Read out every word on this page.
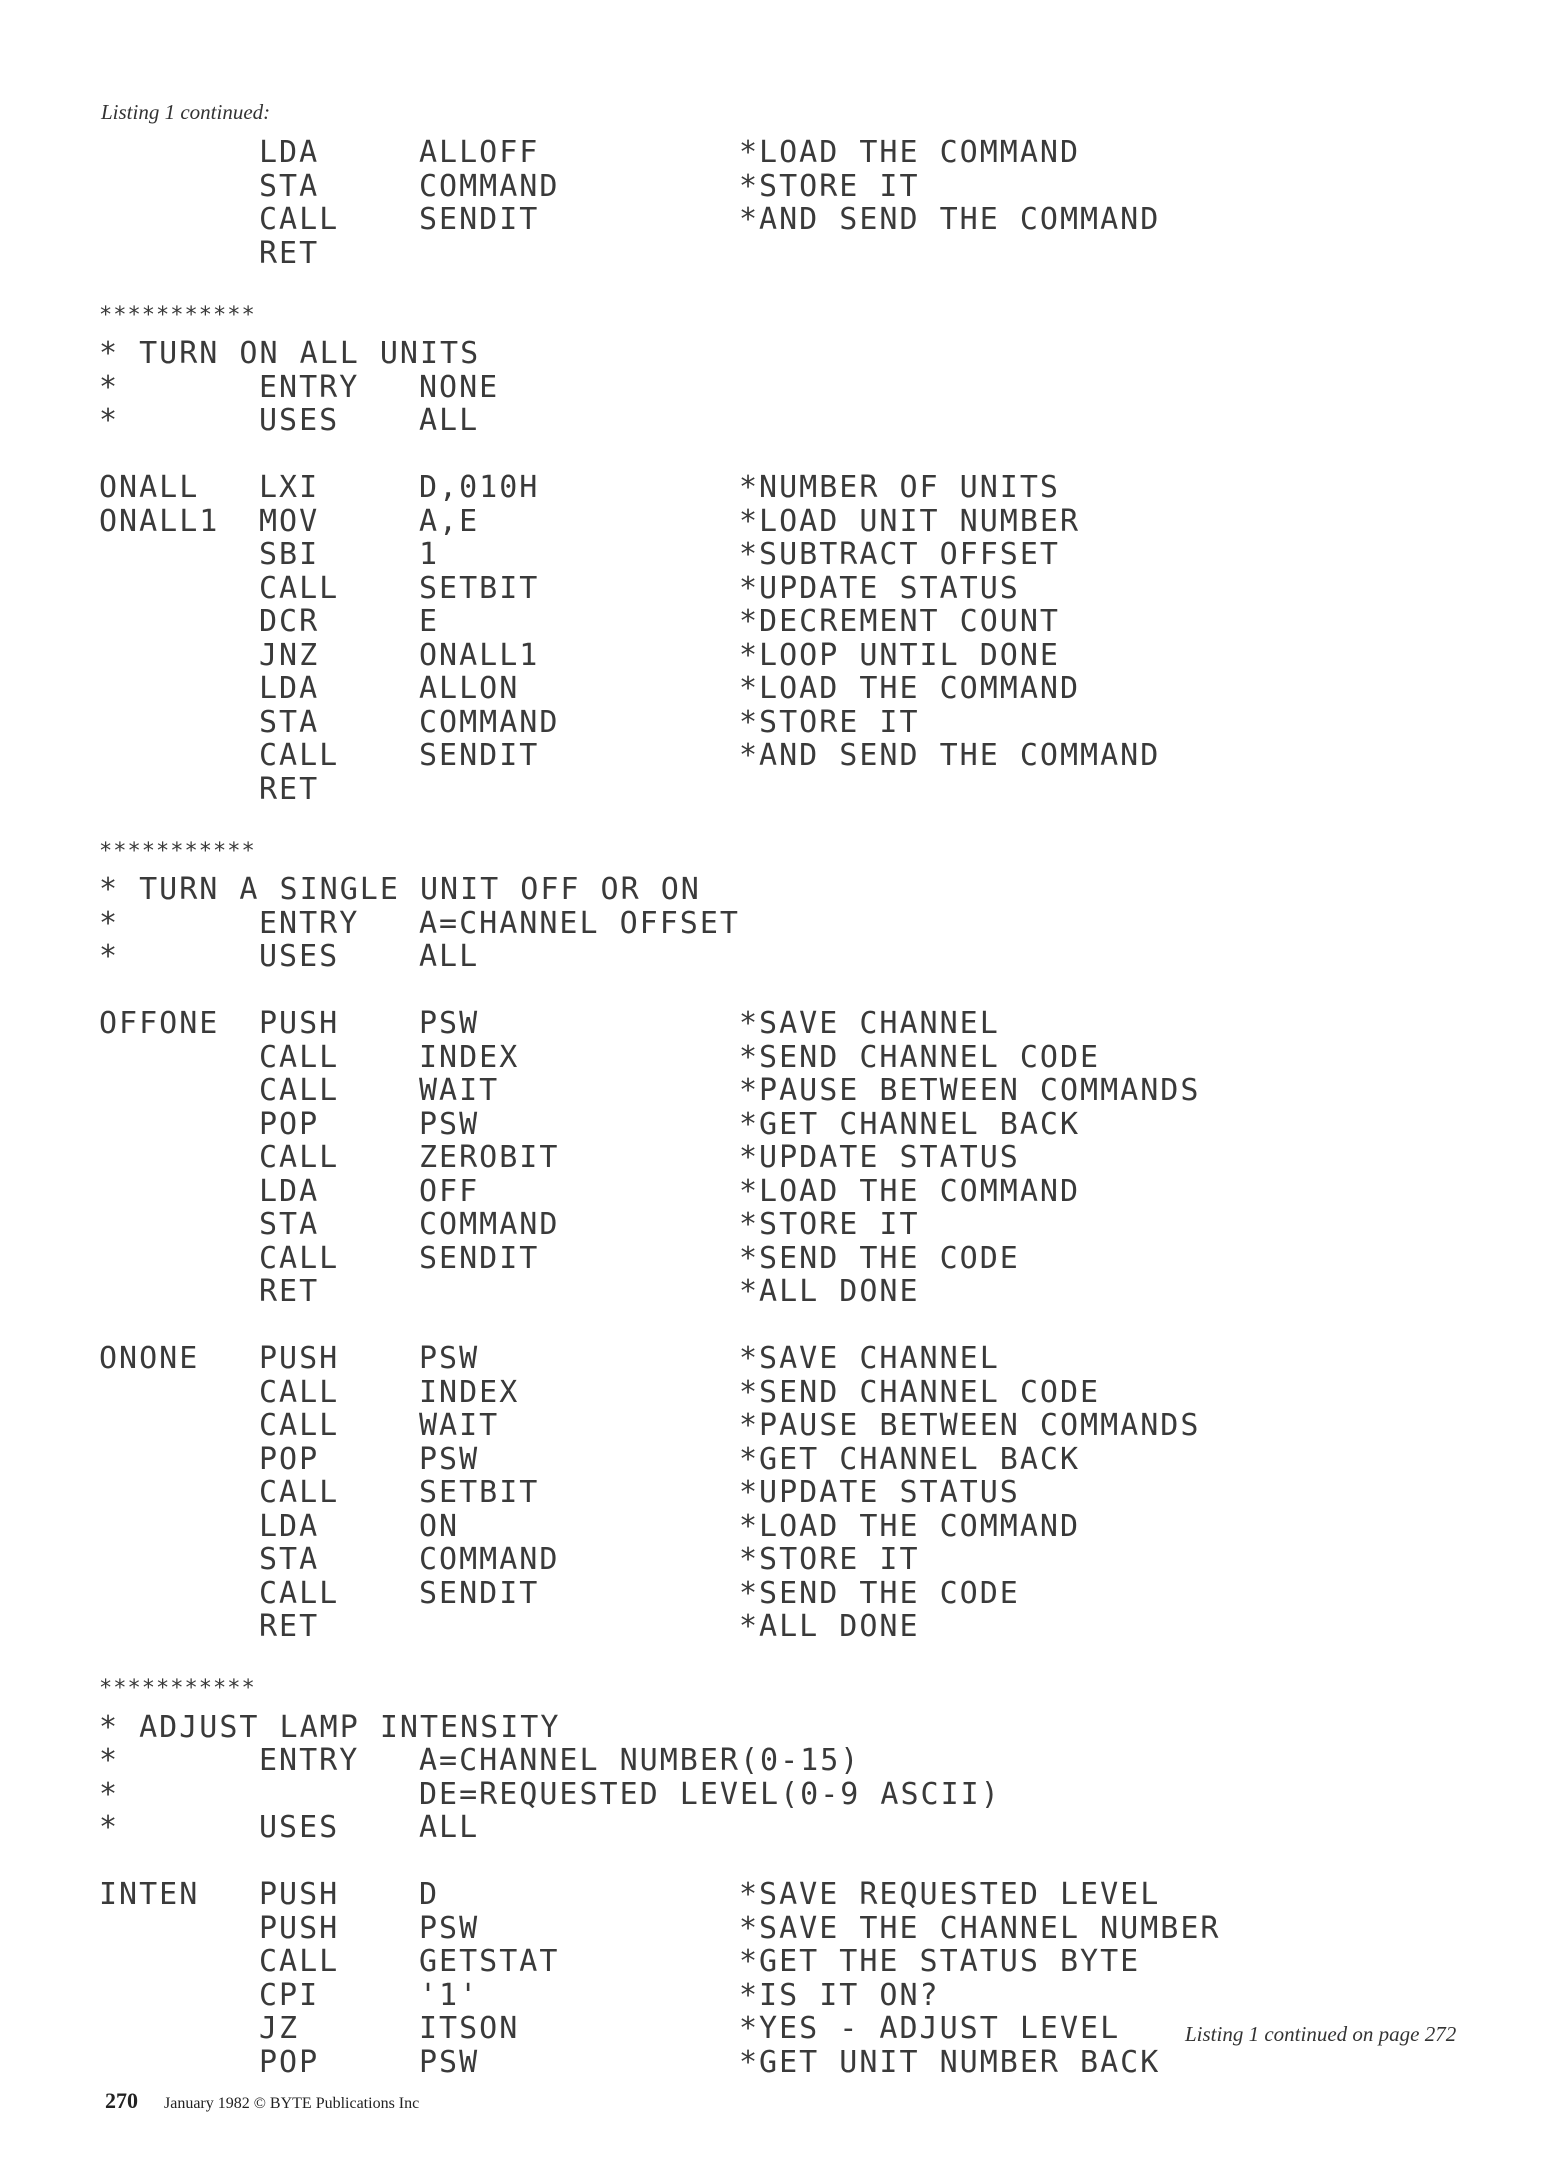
Listing 1 continued:
LDA	ALLOFF	*LOAD THE COMMAND
STA	COMMAND	*STORE IT
CALL	SENDIT	*AND SEND THE COMMAND
RET
***********
* TURN ON ALL UNITS
*	ENTRY NONE
*	USES	ALL
ONALL LXI	D,010H	*NUMBER OF UNITS
ONALL1 MOV	A,E	*LOAD UNIT NUMBER
SBI	1	*SUBTRACT OFFSET
CALL	SETBIT	*UPDATE STATUS
DCR	E	*DECREMENT COUNT
JNZ	ONALL1	*LOOP UNTIL DONE
LDA	ALLON	*LOAD THE COMMAND
STA	COMMAND	*STORE IT
CALL	SENDIT	*AND SEND THE COMMAND
RET
***********
* TURN A SINGLE UNIT OFF OR ON
*	ENTRY A=CHANNEL OFFSET
*	USES	ALL
OFFONE PUSH	PSW	*SAVE CHANNEL
CALL	INDEX	*SEND CHANNEL CODE
CALL	WAIT	*PAUSE BETWEEN COMMANDS
POP	PSW	*GET CHANNEL BACK
CALL	ZEROBIT	*UPDATE STATUS
LDA	OFF	*LOAD THE COMMAND
STA	COMMAND	*STORE IT
CALL	SENDIT	*SEND THE CODE
RET	*ALL DONE
ONONE PUSH	PSW	*SAVE CHANNEL
CALL	INDEX	*SEND CHANNEL CODE
CALL	WAIT	*PAUSE BETWEEN COMMANDS
POP	PSW	*GET CHANNEL BACK
CALL	SETBIT	*UPDATE STATUS
LDA	ON	*LOAD THE COMMAND
STA	COMMAND	*STORE IT
CALL	SENDIT	*SEND THE CODE
RET	*ALL DONE
***********
* ADJUST LAMP INTENSITY
*	ENTRY A=CHANNEL NUMBER(0-15)
*	DE=REQUESTED LEVEL(0-9 ASCII)
*	USES	ALL
INTEN PUSH	D	*SAVE REQUESTED LEVEL
PUSH	PSW	*SAVE THE CHANNEL NUMBER
CALL	GETSTAT	*GET THE STATUS BYTE
CPI	'1'	*IS IT ON?
JZ	ITSON	*YES - ADJUST LEVEL
POP	PSW	*GET UNIT NUMBER BACK
Listing 1 continued on page 272
270 January 1982 © BYTE Publications Inc
